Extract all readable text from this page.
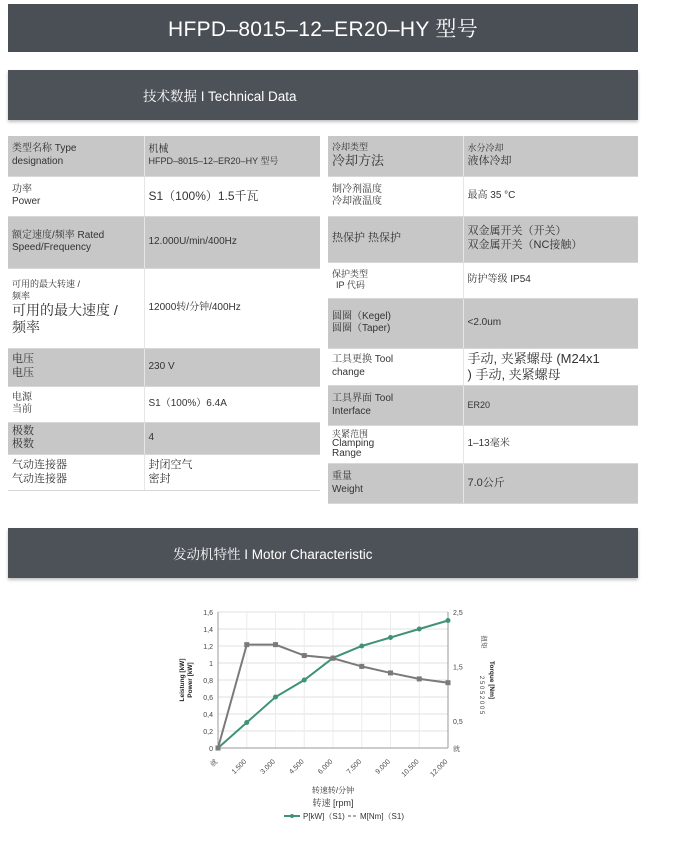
HFPD–8015–12–ER20–HY 型号
技术数据 I Technical Data
类型名称 Type
designation	机械
HFPD–8015–12–ER20–HY 型号

功率
Power	S1（100%）1.5千瓦

额定速度/频率 Rated
Speed/Frequency	12.000U/min/400Hz

可用的最大转速 /
频率
可用的最大速度 /
频率	12000转/分钟/400Hz

电压
电压	230 V

电源
当前	S1（100%）6.4A

极数
极数	4

气动连接器
气动连接器	封闭空气
密封
冷却类型
冷却方法	水分冷却
液体冷却

制冷剂温度
冷却液温度	最高 35 °C
热保护 热保护	双金属开关（开关）
双金属开关（NC接触）

保护类型
IP 代码	防护等级 IP54

圆圈（Kegel)
圆圈（Taper)	<2.0um

工具更换 Tool
change	手动, 夹紧螺母 (M24x1
) 手动, 夹紧螺母

工具界面 Tool
Interface	ER20

夹紧范围
Clamping
Range	1–13毫米

重量
Weight	7.0公斤
发动机特性 I Motor Characteristic
0
0,2
0,4
0,6
0,8
1
1,2
1,4
1,6
就
0,5
1,5
2,5
就 1.500 3.000 4.500 6.000 7.500 9.000 10.500 12.000
Leistung [kW] Power [kW]
扭矩
Torque [Nm]
2 5 0 5 2 0 0 5
转速转/分钟
转速 [rpm]
P[kW]（S1) M[Nm]（S1)
